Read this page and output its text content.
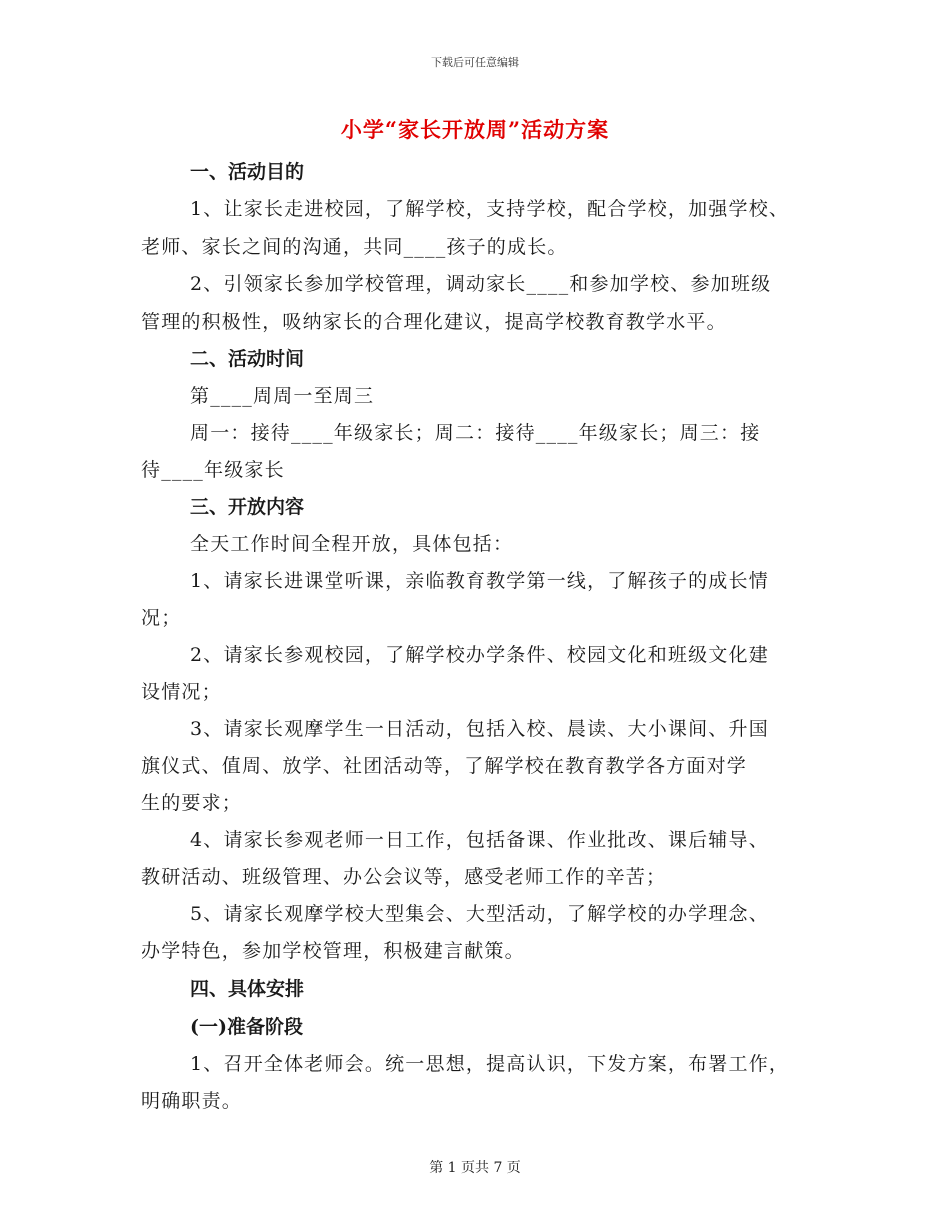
下载后可任意编辑
小学“家长开放周”活动方案
一、活动目的
1、让家长走进校园，了解学校，支持学校，配合学校，加强学校、
老师、家长之间的沟通，共同____孩子的成长。
2、引领家长参加学校管理，调动家长____和参加学校、参加班级
管理的积极性，吸纳家长的合理化建议，提高学校教育教学水平。
二、活动时间
第____周周一至周三
周一：接待____年级家长；周二：接待____年级家长；周三：接
待____年级家长
三、开放内容
全天工作时间全程开放，具体包括：
1、请家长进课堂听课，亲临教育教学第一线，了解孩子的成长情
况；
2、请家长参观校园，了解学校办学条件、校园文化和班级文化建
设情况；
3、请家长观摩学生一日活动，包括入校、晨读、大小课间、升国
旗仪式、值周、放学、社团活动等，了解学校在教育教学各方面对学
生的要求；
4、请家长参观老师一日工作，包括备课、作业批改、课后辅导、
教研活动、班级管理、办公会议等，感受老师工作的辛苦；
5、请家长观摩学校大型集会、大型活动，了解学校的办学理念、
办学特色，参加学校管理，积极建言献策。
四、具体安排
(一)准备阶段
1、召开全体老师会。统一思想，提高认识，下发方案，布署工作，
明确职责。
第 1 页共 7 页
